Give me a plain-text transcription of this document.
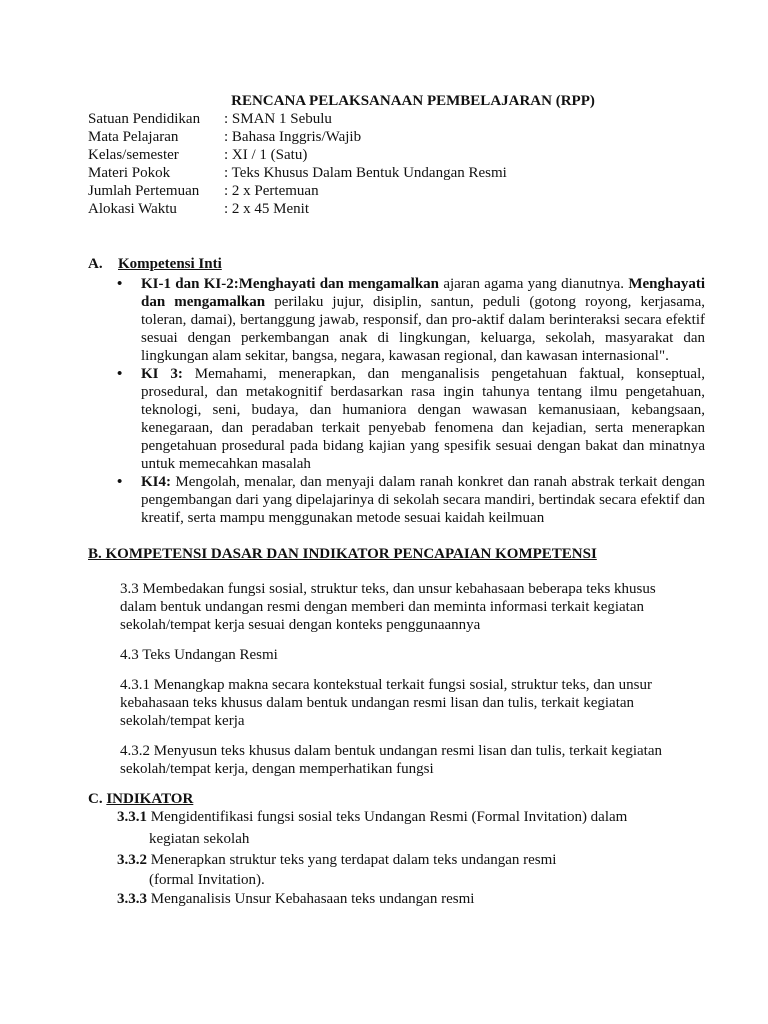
RENCANA PELAKSANAAN PEMBELAJARAN (RPP)
Satuan Pendidikan : SMAN 1 Sebulu
Mata Pelajaran	: Bahasa Inggris/Wajib
Kelas/semester	: XI / 1 (Satu)
Materi Pokok	: Teks Khusus Dalam Bentuk Undangan Resmi
Jumlah Pertemuan : 2 x Pertemuan
Alokasi Waktu	: 2 x 45 Menit
A. Kompetensi Inti
• KI-1 dan KI-2:Menghayati dan mengamalkan ajaran agama yang dianutnya. Menghayati dan mengamalkan perilaku jujur, disiplin, santun, peduli (gotong royong, kerjasama, toleran, damai), bertanggung jawab, responsif, dan pro-aktif dalam berinteraksi secara efektif sesuai dengan perkembangan anak di lingkungan, keluarga, sekolah, masyarakat dan lingkungan alam sekitar, bangsa, negara, kawasan regional, dan kawasan internasional".

• KI 3: Memahami, menerapkan, dan menganalisis pengetahuan faktual, konseptual, prosedural, dan metakognitif berdasarkan rasa ingin tahunya tentang ilmu pengetahuan, teknologi, seni, budaya, dan humaniora dengan wawasan kemanusiaan, kebangsaan, kenegaraan, dan peradaban terkait penyebab fenomena dan kejadian, serta menerapkan pengetahuan prosedural pada bidang kajian yang spesifik sesuai dengan bakat dan minatnya untuk memecahkan masalah

• KI4: Mengolah, menalar, dan menyaji dalam ranah konkret dan ranah abstrak terkait dengan pengembangan dari yang dipelajarinya di sekolah secara mandiri, bertindak secara efektif dan kreatif, serta mampu menggunakan metode sesuai kaidah keilmuan

B. KOMPETENSI DASAR DAN INDIKATOR PENCAPAIAN KOMPETENSI

3.3 Membedakan fungsi sosial, struktur teks, dan unsur kebahasaan beberapa teks khusus dalam bentuk undangan resmi dengan memberi dan meminta informasi terkait kegiatan sekolah/tempat kerja sesuai dengan konteks penggunaannya

4.3 Teks Undangan Resmi

4.3.1 Menangkap makna secara kontekstual terkait fungsi sosial, struktur teks, dan unsur kebahasaan teks khusus dalam bentuk undangan resmi lisan dan tulis, terkait kegiatan sekolah/tempat kerja

4.3.2 Menyusun teks khusus dalam bentuk undangan resmi lisan dan tulis, terkait kegiatan sekolah/tempat kerja, dengan memperhatikan fungsi

C. INDIKATOR
3.3.1 Mengidentifikasi fungsi sosial teks Undangan Resmi (Formal Invitation) dalam
kegiatan sekolah
3.3.2 Menerapkan struktur teks yang terdapat dalam teks undangan resmi
(formal Invitation).
3.3.3 Menganalisis Unsur Kebahasaan teks undangan resmi
